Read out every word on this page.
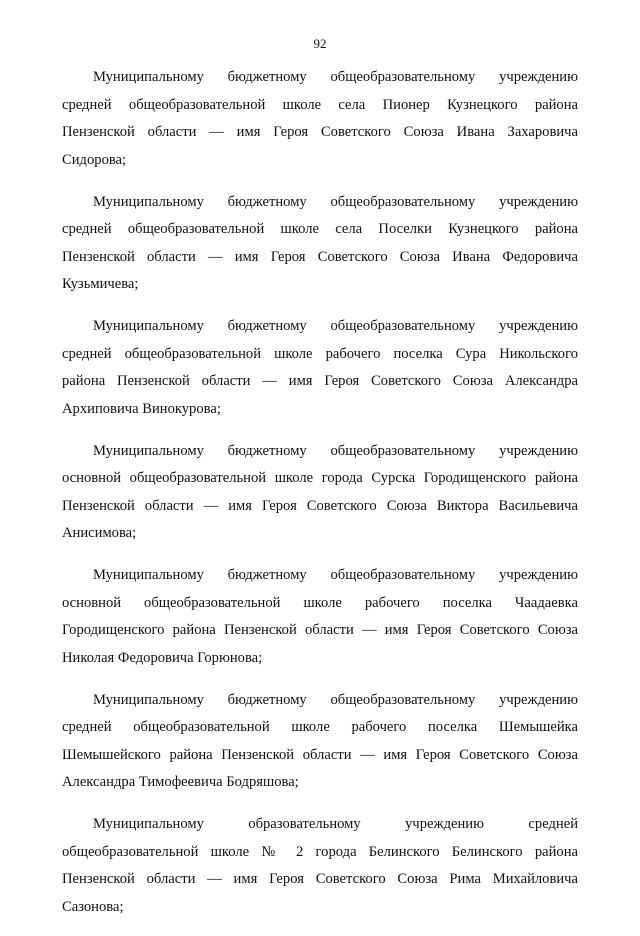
92

Муниципальному бюджетному общеобразовательному учреждению
средней общеобразовательной школе села Пионер Кузнецкого района
Пензенской области — имя Героя Советского Союза Ивана Захаровича
Сидорова;

Муниципальному бюджетному общеобразовательному учреждению
средней общеобразовательной школе села Поселки Кузнецкого района
Пензенской области — имя Героя Советского Союза Ивана Федоровича
Кузьмичева;

Муниципальному бюджетному общеобразовательному учреждению
средней общеобразовательной школе рабочего поселка Сура Никольского
района Пензенской области — имя Героя Советского Союза Александра
Архиповича Винокурова;

Муниципальному бюджетному общеобразовательному учреждению
основной общеобразовательной школе города Сурска Городищенского района
Пензенской области — имя Героя Советского Союза Виктора Васильевича
Анисимова;

Муниципальному бюджетному общеобразовательному учреждению
основной общеобразовательной школе рабочего поселка Чаадаевка
Городищенского района Пензенской области — имя Героя Советского Союза
Николая Федоровича Горюнова;

Муниципальному бюджетному общеобразовательному учреждению
средней общеобразовательной школе рабочего поселка Шемышейка
Шемышейского района Пензенской области — имя Героя Советского Союза
Александра Тимофеевича Бодряшова;

Муниципальному образовательному учреждению средней
общеобразовательной школе № 2 города Белинского Белинского района
Пензенской области — имя Героя Советского Союза Рима Михайловича
Сазонова;
